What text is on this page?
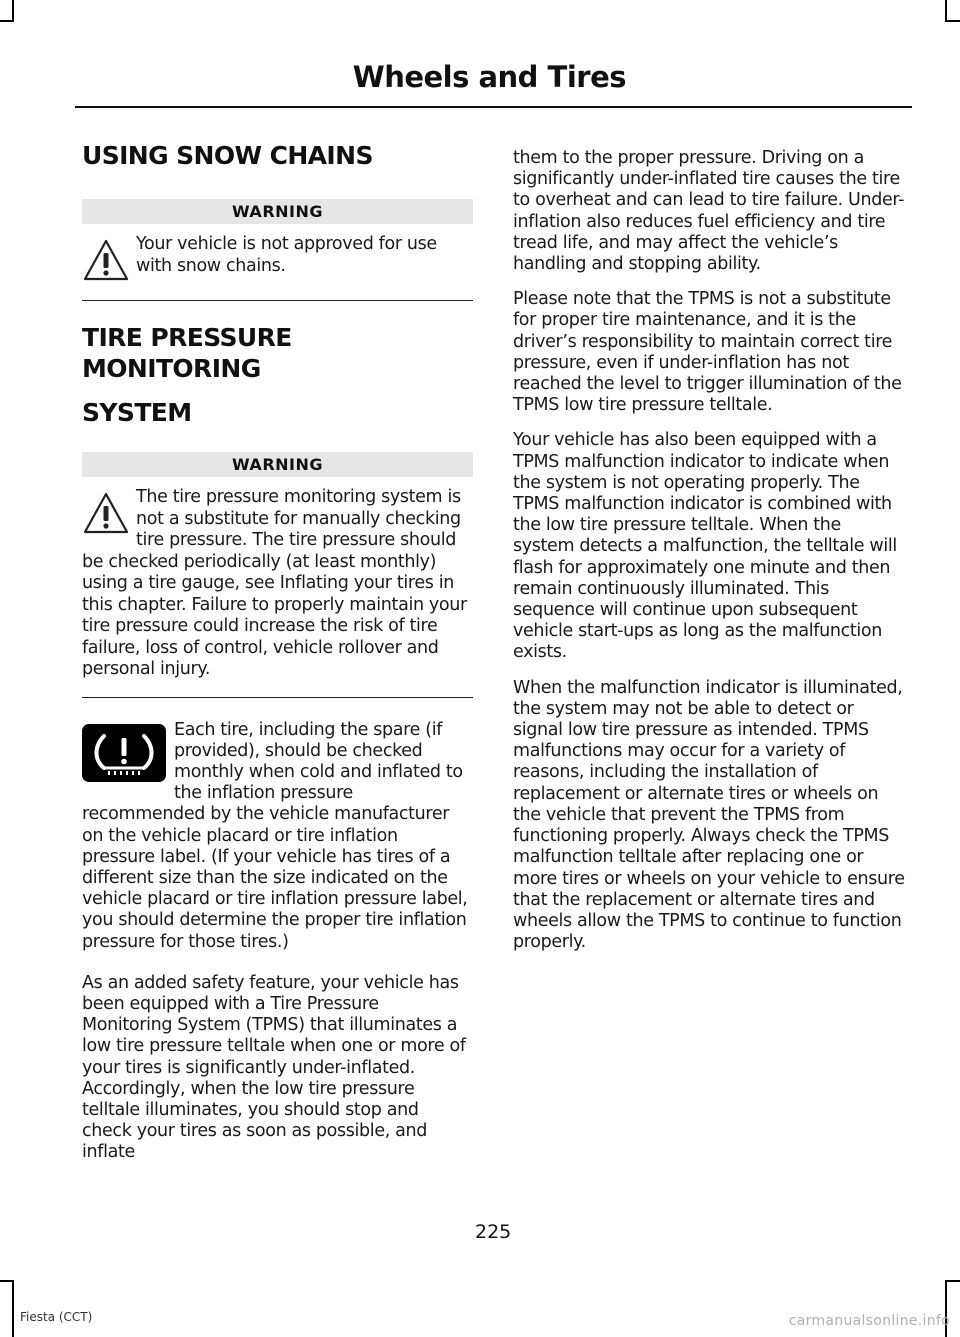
Wheels and Tires
USING SNOW CHAINS
WARNING
Your vehicle is not approved for use with snow chains.
TIRE PRESSURE MONITORING
SYSTEM
WARNING
The tire pressure monitoring system is not a substitute for manually checking tire pressure. The tire pressure should be checked periodically (at least monthly) using a tire gauge, see Inflating your tires in this chapter. Failure to properly maintain your tire pressure could increase the risk of tire failure, loss of control, vehicle rollover and personal injury.

Each tire, including the spare (if provided), should be checked monthly when cold and inflated to the inflation pressure recommended by the vehicle manufacturer on the vehicle placard or tire inflation pressure label. (If your vehicle has tires of a different size than the size indicated on the vehicle placard or tire inflation pressure label, you should determine the proper tire inflation pressure for those tires.)

As an added safety feature, your vehicle has been equipped with a Tire Pressure Monitoring System (TPMS) that illuminates a low tire pressure telltale when one or more of your tires is significantly under-inflated. Accordingly, when the low tire pressure telltale illuminates, you should stop and check your tires as soon as possible, and inflate

them to the proper pressure. Driving on a significantly under-inflated tire causes the tire to overheat and can lead to tire failure. Under-inflation also reduces fuel efficiency and tire tread life, and may affect the vehicle’s handling and stopping ability.

Please note that the TPMS is not a substitute for proper tire maintenance, and it is the driver’s responsibility to maintain correct tire pressure, even if under-inflation has not reached the level to trigger illumination of the TPMS low tire pressure telltale.

Your vehicle has also been equipped with a TPMS malfunction indicator to indicate when the system is not operating properly. The TPMS malfunction indicator is combined with the low tire pressure telltale. When the system detects a malfunction, the telltale will flash for approximately one minute and then remain continuously illuminated. This sequence will continue upon subsequent vehicle start-ups as long as the malfunction exists.

When the malfunction indicator is illuminated, the system may not be able to detect or signal low tire pressure as intended. TPMS malfunctions may occur for a variety of reasons, including the installation of replacement or alternate tires or wheels on the vehicle that prevent the TPMS from functioning properly. Always check the TPMS malfunction telltale after replacing one or more tires or wheels on your vehicle to ensure that the replacement or alternate tires and wheels allow the TPMS to continue to function properly.

225
Fiesta (CCT)	carmanualsonline.info
